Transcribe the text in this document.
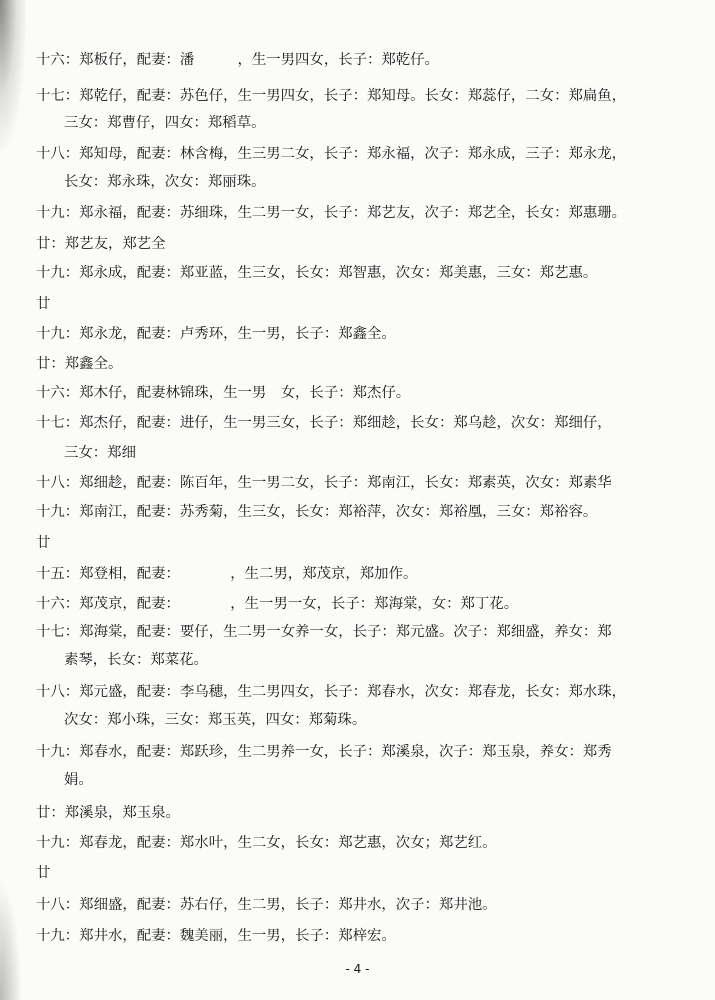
十六：郑板仔，配妻：潘　　　，生一男四女，长子：郑乾仔。
十七：郑乾仔，配妻：苏色仔，生一男四女，长子：郑知母。长女：郑蕊仔，二女：郑扁鱼，
三女：郑曹仔，四女：郑稻草。
十八：郑知母，配妻：林含梅，生三男二女，长子：郑永福，次子：郑永成，三子：郑永龙，
长女：郑永珠，次女：郑丽珠。
十九：郑永福，配妻：苏细珠，生二男一女，长子：郑艺友，次子：郑艺全，长女：郑惠珊。
廿：郑艺友，郑艺全
十九：郑永成，配妻：郑亚蓝，生三女，长女：郑智惠，次女：郑美惠，三女：郑艺惠。
廿
十九：郑永龙，配妻：卢秀环，生一男，长子：郑鑫全。
廿：郑鑫全。
十六：郑木仔，配妻林锦珠，生一男　女，长子：郑杰仔。
十七：郑杰仔，配妻：进仔，生一男三女，长子：郑细趁，长女：郑乌趁，次女：郑细仔，
三女：郑细
十八：郑细趁，配妻：陈百年，生一男二女，长子：郑南江，长女：郑素英，次女：郑素华
十九：郑南江，配妻：苏秀菊，生三女，长女：郑裕萍，次女：郑裕凰，三女：郑裕容。
廿
十五：郑登相，配妻：　　　　，生二男，郑茂京，郑加作。
十六：郑茂京，配妻：　　　　，生一男一女，长子：郑海棠，女：郑丁花。
十七：郑海棠，配妻：要仔，生二男一女养一女，长子：郑元盛。次子：郑细盛，养女：郑
素琴，长女：郑菜花。
十八：郑元盛，配妻：李乌穗，生二男四女，长子：郑春水，次女：郑春龙，长女：郑水珠，
次女：郑小珠，三女：郑玉英，四女：郑菊珠。
十九：郑春水，配妻：郑跃珍，生二男养一女，长子：郑溪泉，次子：郑玉泉，养女：郑秀
娟。
廿：郑溪泉，郑玉泉。
十九：郑春龙，配妻：郑水叶，生二女，长女：郑艺惠，次女；郑艺红。
廿
十八：郑细盛，配妻：苏右仔，生二男，长子：郑井水，次子：郑井池。
十九：郑井水，配妻：魏美丽，生一男，长子：郑梓宏。
- 4 -
